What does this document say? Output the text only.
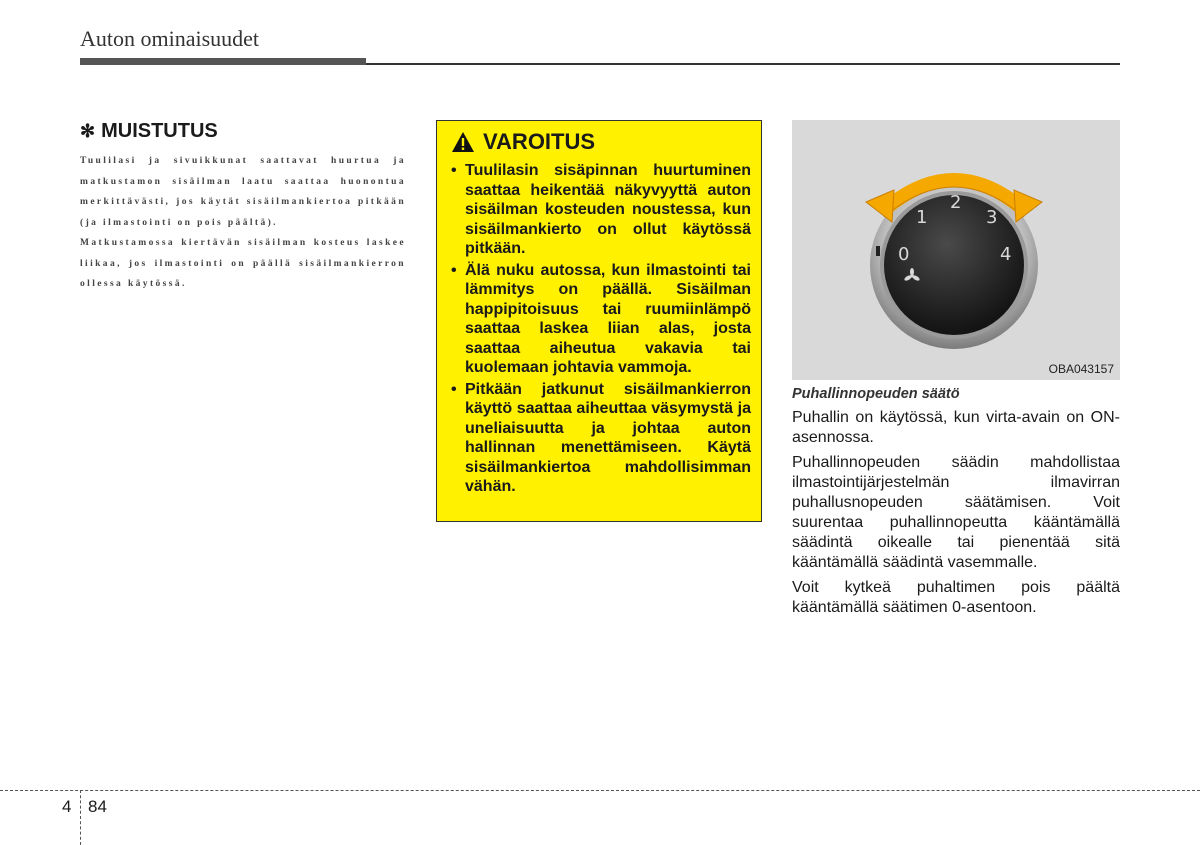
Auton ominaisuudet
✻ MUISTUTUS

Tuulilasi ja sivuikkunat saattavat huurtua ja matkustamon sisäilman laatu saattaa huonontua merkittävästi, jos käytät sisäilmankiertoa pitkään (ja ilmastointi on pois päältä).

Matkustamossa kiertävän sisäilman kosteus laskee liikaa, jos ilmastointi on päällä sisäilmankierron ollessa käytössä.

VAROITUS
• Tuulilasin sisäpinnan huurtuminen saattaa heikentää näkyvyyttä auton sisäilman kosteuden noustessa, kun sisäilmankierto on ollut käytössä pitkään.
• Älä nuku autossa, kun ilmastointi tai lämmitys on päällä. Sisäilman happipitoisuus tai ruumiinlämpö saattaa laskea liian alas, josta saattaa aiheutua vakavia tai kuolemaan johtavia vammoja.
• Pitkään jatkunut sisäilmankierron käyttö saattaa aiheuttaa väsymystä ja uneliaisuutta ja johtaa auton hallinnan menettämiseen. Käytä sisäilmankiertoa mahdollisimman vähän.
0
1
2
3
4
OBA043157
Puhallinnopeuden säätö

Puhallin on käytössä, kun virta-avain on ON-asennossa.

Puhallinnopeuden säädin mahdollistaa ilmastointijärjestelmän ilmavirran puhallusnopeuden säätämisen. Voit suurentaa puhallinnopeutta kääntämällä säädintä oikealle tai pienentää sitä kääntämällä säädintä vasemmalle.

Voit kytkeä puhaltimen pois päältä kääntämällä säätimen 0-asentoon.

4 84
